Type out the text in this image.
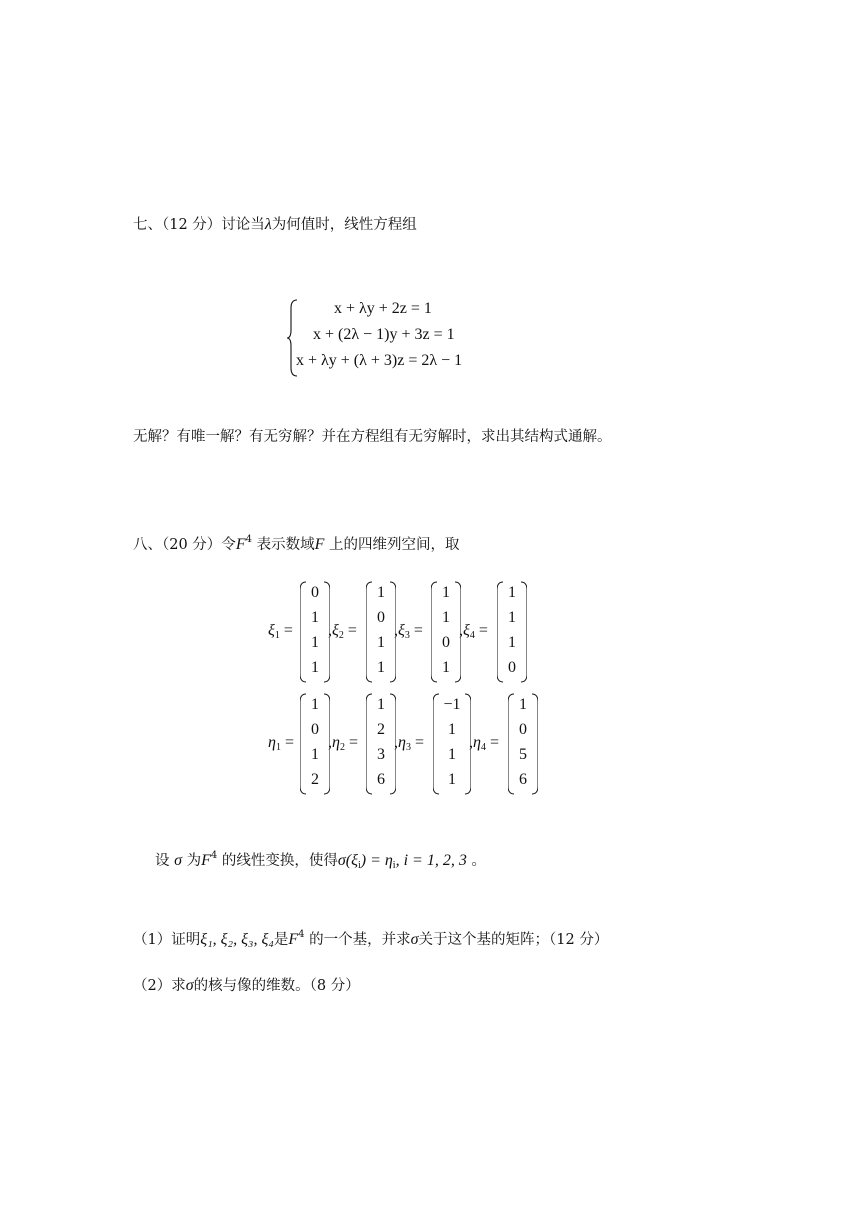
七、（12 分）讨论当λ为何值时，线性方程组
x + λy + 2z = 1
x + (2λ − 1)y + 3z = 1
x + λy + (λ + 3)z = 2λ − 1
无解？有唯一解？有无穷解？并在方程组有无穷解时，求出其结构式通解。
八、（20 分）令$F^4$ 表示数域F 上的四维列空间，取
$\xi_1$ =
0
1
1
1
$,\xi_2$ =
1
0
1
1
$,\xi_3$ =
1
1
0
1
$,\xi_4$ =
1
1
1
0
$\eta_1$ =
1
0
1
2
$,\eta_2$ =
1
2
3
6
$,\eta_3$ =
−1
1
1
1
$,\eta_4$ =
1
0
5
6
设 σ 为$F^4$ 的线性变换，使得$\sigma(\xi_i) = \eta_i$, i = 1, 2, 3 。
（1）证明ξ₁, ξ₂, ξ₃, ξ₄是$F^4$ 的一个基，并求σ关于这个基的矩阵；（12 分）
（2）求σ的核与像的维数。（8 分）
